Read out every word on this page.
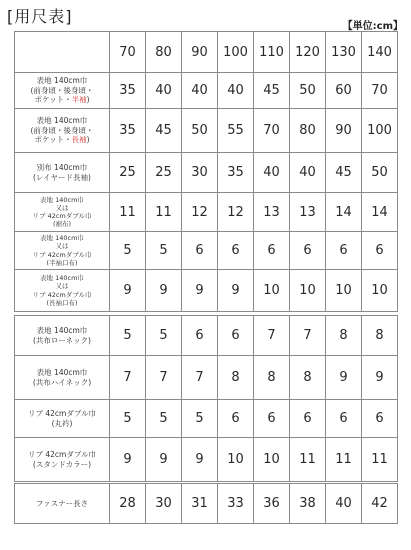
[用尺表]
【単位:cm】
	70	80	90	100	110	120	130	140

表地 140cm巾
(前身頃・後身頃・
ポケット・半袖)	35	40	40	40	45	50	60	70

表地 140cm巾
(前身頃・後身頃・
ポケット・長袖)	35	45	50	55	70	80	90	100

別布 140cm巾
(レイヤード長袖)	25	25	30	35	40	40	45	50

表地 140cm巾
又は
リブ 42cmダブル巾
(裾布)	11	11	12	12	13	13	14	14

表地 140cm巾
又は
リブ 42cmダブル巾
(半袖口布)	5	5	6	6	6	6	6	6

表地 140cm巾
又は
リブ 42cmダブル巾
(長袖口布)	9	9	9	9	10	10	10	10
表地 140cm巾
(共布ローネック)	5	5	6	6	7	7	8	8

表地 140cm巾
(共布ハイネック)	7	7	7	8	8	8	9	9

リブ 42cmダブル巾
(丸衿)	5	5	5	6	6	6	6	6

リブ 42cmダブル巾
(スタンドカラー)	9	9	9	10	10	11	11	11
ファスナー長さ	28	30	31	33	36	38	40	42
